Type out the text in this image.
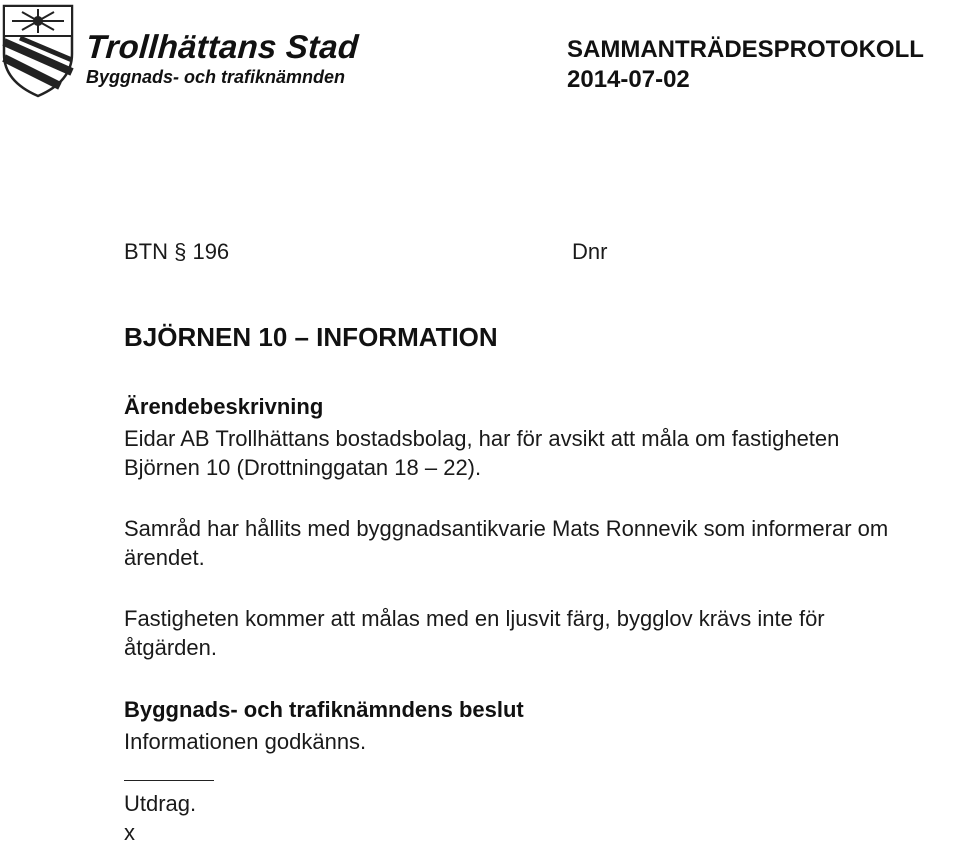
Trollhättans Stad
Byggnads- och trafiknämnden
SAMMANTRÄDESPROTOKOLL
2014-07-02
BTN § 196	Dnr
BJÖRNEN 10 – INFORMATION
Ärendebeskrivning

Eidar AB Trollhättans bostadsbolag, har för avsikt att måla om fastigheten Björnen 10 (Drottninggatan 18 – 22).

Samråd har hållits med byggnadsantikvarie Mats Ronnevik som informerar om ärendet.

Fastigheten kommer att målas med en ljusvit färg, bygglov krävs inte för åtgärden.

Byggnads- och trafiknämndens beslut
Informationen godkänns.
Utdrag.
x
